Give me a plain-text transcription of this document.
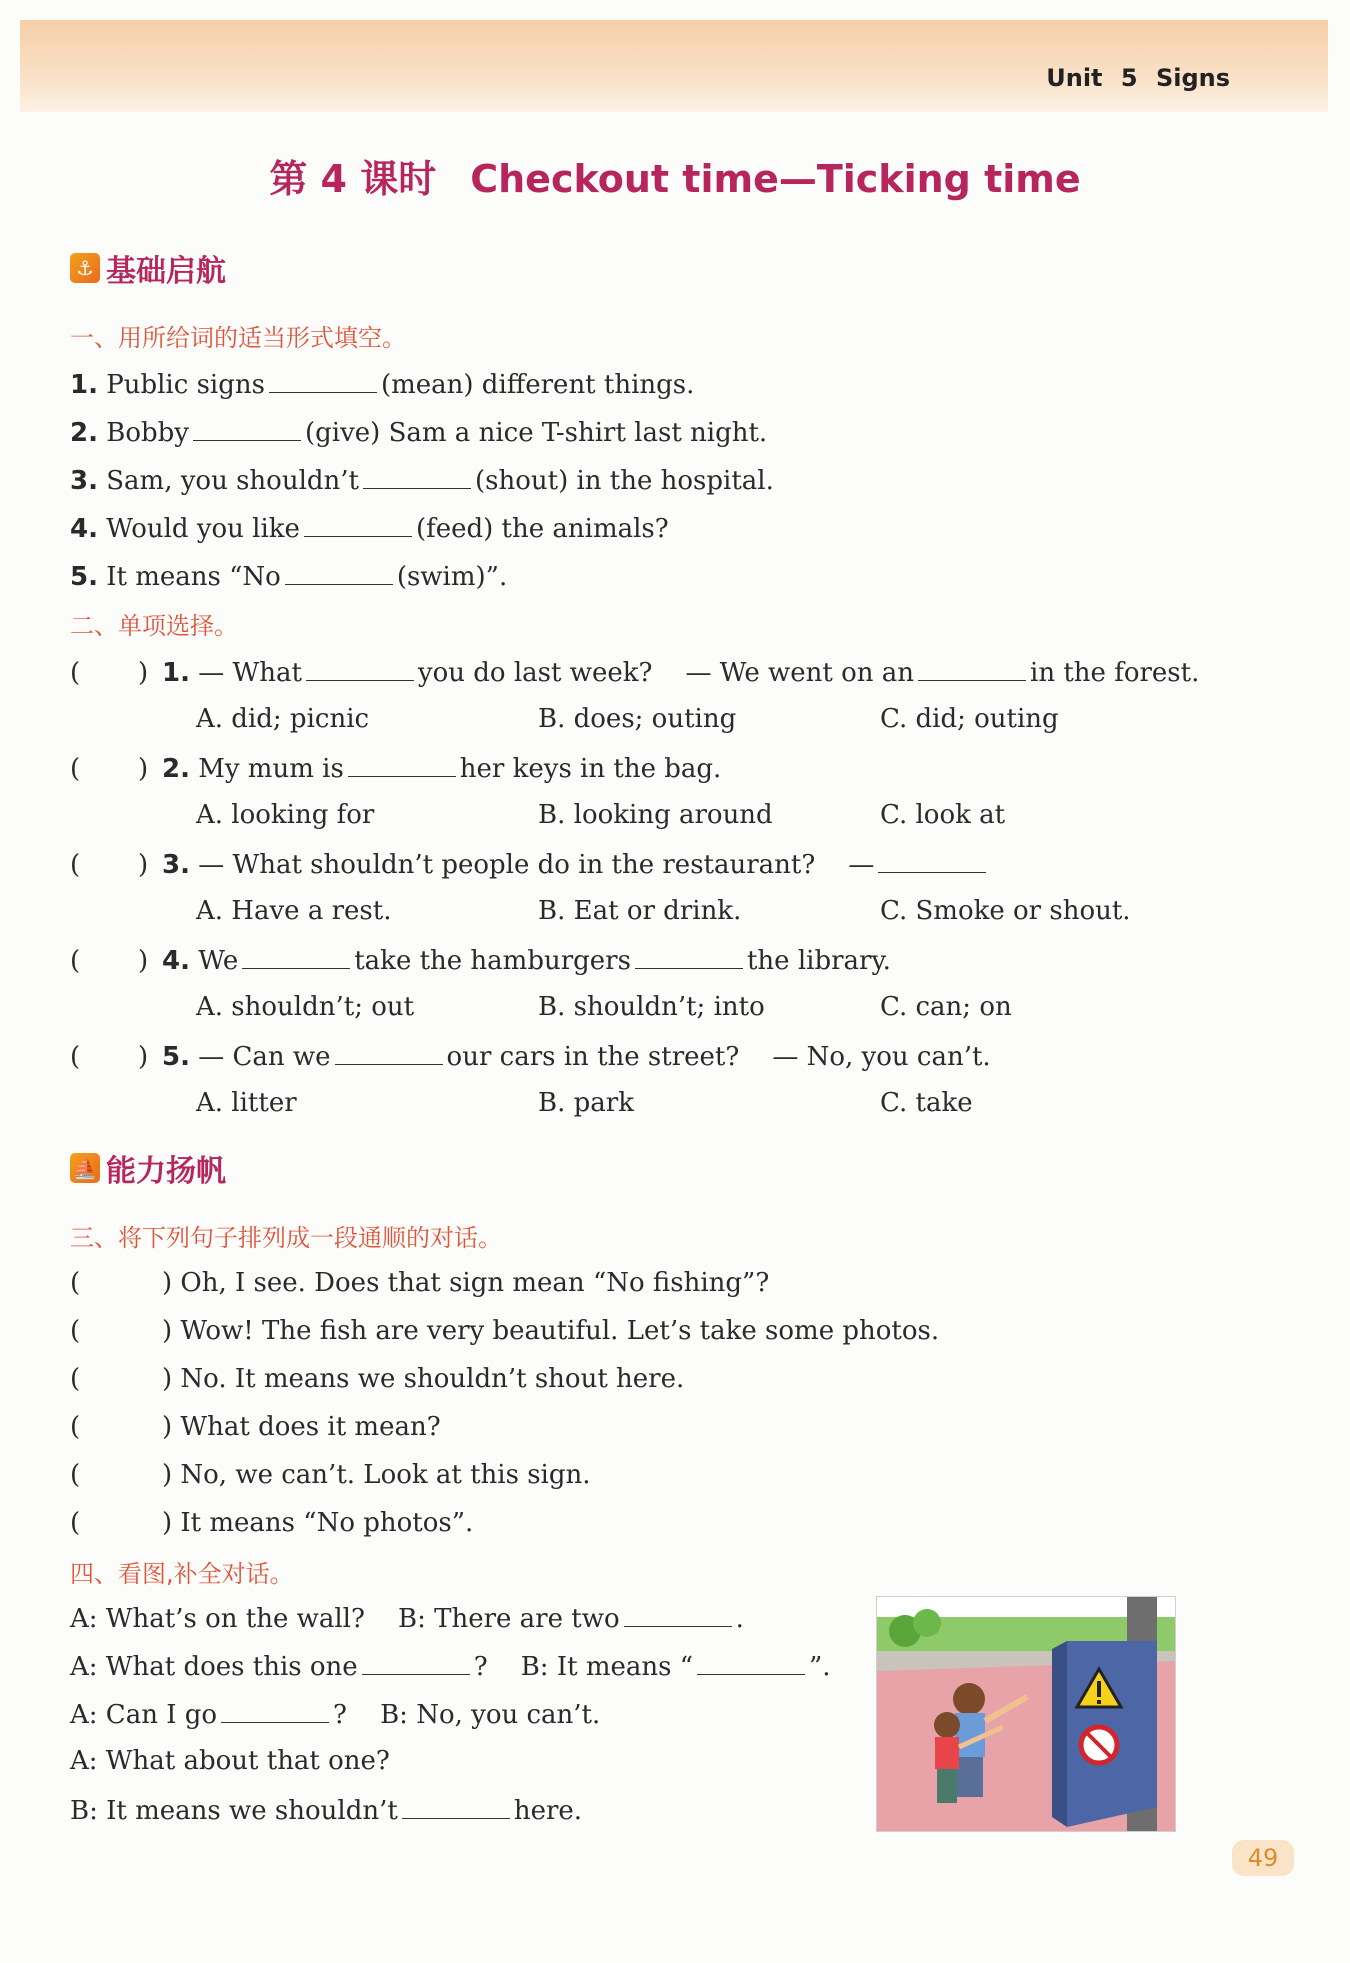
Unit 5 Signs
第 4 课时 Checkout time—Ticking time
⚓ 基础启航
一、用所给词的适当形式填空。
1. Public signs	(mean) different things.
2. Bobby	(give) Sam a nice T-shirt last night.
3. Sam, you shouldn’t	(shout) in the hospital.
4. Would you like	(feed) the animals?
5. It means “No	(swim)”.
二、单项选择。
(       ) 1. — What	you do last week? — We went on an	in the forest.
A. did; picnic	B. does; outing	C. did; outing
(       ) 2. My mum is	her keys in the bag.
A. looking for	B. looking around	C. look at
(       ) 3. — What shouldn’t people do in the restaurant? —
A. Have a rest.	B. Eat or drink.	C. Smoke or shout.
(       ) 4. We	take the hamburgers	the library.
A. shouldn’t; out	B. shouldn’t; into	C. can; on
(       ) 5. — Can we	our cars in the street? — No, you can’t.
A. litter	B. park	C. take
⛵ 能力扬帆
三、将下列句子排列成一段通顺的对话。
(	) Oh, I see. Does that sign mean “No fishing”?
(	) Wow! The fish are very beautiful. Let’s take some photos.
(	) No. It means we shouldn’t shout here.
(	) What does it mean?
(	) No, we can’t. Look at this sign.
(	) It means “No photos”.
四、看图,补全对话。
A: What’s on the wall? B: There are two	.
A: What does this one	? B: It means “	”.
A: Can I go	? B: No, you can’t.
A: What about that one?
B: It means we shouldn’t	here.
49
